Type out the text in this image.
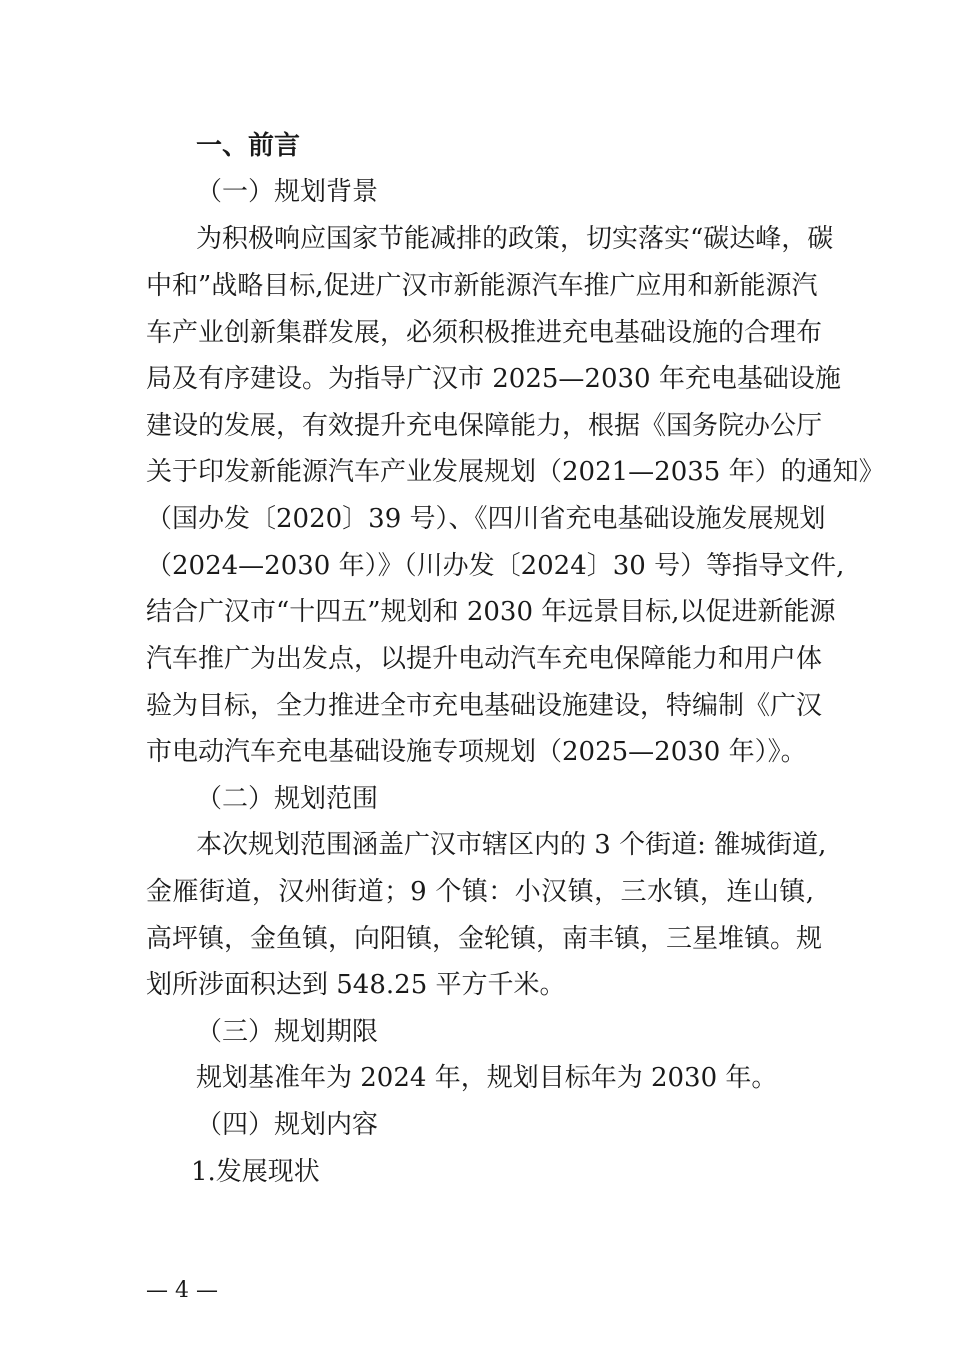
一、前言
（一）规划背景
为积极响应国家节能减排的政策，切实落实“碳达峰，碳
中和”战略目标,促进广汉市新能源汽车推广应用和新能源汽
车产业创新集群发展，必须积极推进充电基础设施的合理布
局及有序建设。为指导广汉市 2025—2030 年充电基础设施
建设的发展，有效提升充电保障能力，根据《国务院办公厅
关于印发新能源汽车产业发展规划（2021—2035 年）的通知》
（国办发〔2020〕39 号）、《四川省充电基础设施发展规划
（2024—2030 年）》（川办发〔2024〕30 号）等指导文件,
结合广汉市“十四五”规划和 2030 年远景目标,以促进新能源
汽车推广为出发点，以提升电动汽车充电保障能力和用户体
验为目标，全力推进全市充电基础设施建设，特编制《广汉
市电动汽车充电基础设施专项规划（2025—2030 年）》。
（二）规划范围
本次规划范围涵盖广汉市辖区内的 3 个街道: 雒城街道,
金雁街道，汉州街道；9 个镇：小汉镇，三水镇，连山镇,
高坪镇，金鱼镇，向阳镇，金轮镇，南丰镇，三星堆镇。规
划所涉面积达到 548.25 平方千米。
（三）规划期限
规划基准年为 2024 年，规划目标年为 2030 年。
（四）规划内容
1.发展现状
— 4 —
